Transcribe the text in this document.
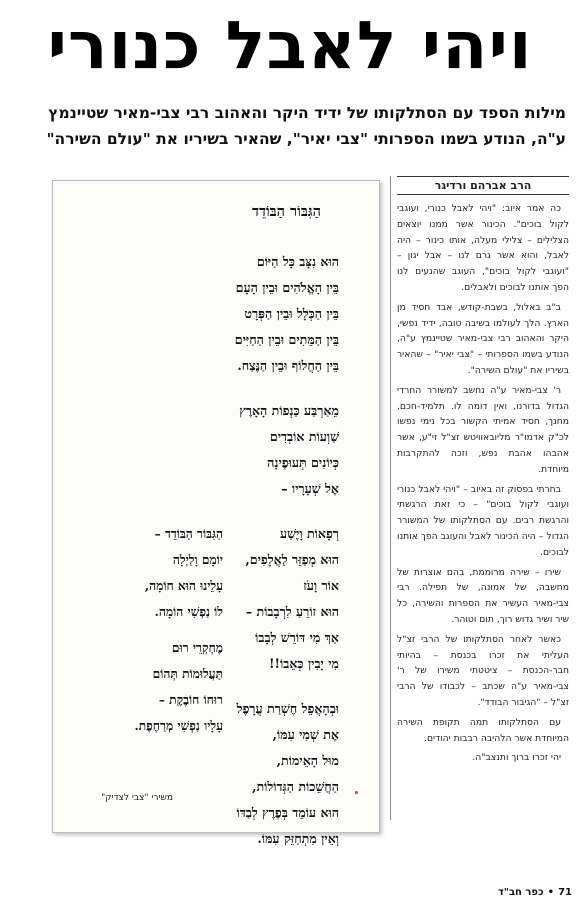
ויהי לאבל כנורי
מילות הספד עם הסתלקותו של ידיד היקר והאהוב רבי צבי-מאיר שטיינמץ
ע"ה, הנודע בשמו הספרותי "צבי יאיר", שהאיר בשיריו את "עולם השירה"
הַגִּבּוֹר הַבּוֹדֵד
הוּא נִצָּב כָּל הַיּוֹם
בֵּין הָאֱלֹהִים וּבֵין הָעָם
בֵּין הַכְּלָל וּבֵין הַפְּרָט
בֵּין הַמֵּתִים וּבֵין הַחַיִּים
בֵּין הַחֲלוֹף וּבֵין הַנֶּצַח.
מֵאַרְבַּע כַּנְפוֹת הָאָרֶץ
שַׁוְעוֹת אוֹבְדִים
כְּיוֹנִים תְּעוּפֶינָה
אֶל שְׁעָרָיו –
רְפָאוֹת וָיֶשַׁע
הוּא מְפַזֵּר לַאֲלָפִים,
אוֹר וָעֹז
הוּא זוֹרֵעַ לִרְבָבוֹת –
אַךְ מִי דּוֹרֵשׁ לְבָבוֹ
מִי יָבִין כְּאֵבוֹ!!
וּבְהָאֲפֵל חֶשְׁרַת עֲרָפֶל
אֶת שְׁמִי עִמּוֹ,
מוּל הָאֵימוֹת,
הַחֲשֵׁכוֹת הַגְּדוֹלוֹת,
הוּא עוֹמֵד בְּפֶרֶץ לְבַדּוֹ
וְאֵין מִתְחַזֵּק עִמּוֹ.
הַגִּבּוֹר הַבּוֹדֵד –
יוֹמָם וָלַיְלָה
עָלֵינוּ הוּא חוֹמָה,
לוֹ נַפְשִׁי הוֹמָה.
מֶחְקְרֵי רוּם
תַּעֲלוּמוֹת תְּהוֹם
רוּחוֹ חוֹבֶקֶת –
עָלָיו נַפְשִׁי מְרַחֶפֶת.
משירי "צבי לצדיק"
הרב אברהם ורדיגר

כה אמר איוב: "ויהי לאבל כנורי, ועוגבי לקול בוכים". הכינור אשר ממנו יוצאים הצלילים – צלילי מעלה, אותו כינור – היה לאבל, והוא אשר גרם לנו – אבל יגון – "ועוגבי לקול בוכים", העוגב שהנעים לנו הפך אותנו לבוכים ולאבלים.

ב"ב באלול, בשבת-קודש, אבד חסיד מן הארץ. הלך לעולמו בשיבה טובה, ידיד נפשי, היקר והאהוב רבי צבי-מאיר שטיינמץ ע"ה, הנודע בשמו הספרותי – "צבי יאיר" – שהאיר בשיריו את "עולם השירה".

ר' צבי-מאיר ע"ה נחשב למשורר החרדי הגדול בדורנו, ואין דומה לו. תלמיד-חכם, מחנך, חסיד אמיתי הקשור בכל נימי נפשו לכ"ק אדמו"ר מליובאוויטש זצ"ל זי"ע, אשר אהבהו אהבת נפש, וזכה להתקרבות מיוחדת.

בחרתי בפסוק זה באיוב – "ויהי לאבל כנורי ועוגבי לקול בוכים" – כי זאת הרגשתי והרגשת רבים. עם הסתלקותו של המשורר הגדול – היה הכינור לאבל והעוגב הפך אותנו לבוכים.

שירו – שירה מרוממת, בהם אוצרות של מחשבה, של אמונה, של תפילה. רבי צבי-מאיר העשיר את הספרות והשירה, כל שיר ושיר גדוש רוך, תום וטוהר.

כאשר לאחר הסתלקותו של הרבי זצ"ל העליתי את זכרו בכנסת – בהיותי חבר-הכנסת – ציטטתי משירו של ר' צבי-מאיר ע"ה שכתב – לכבודו של הרבי זצ"ל – "הגיבור הבודד".

עם הסתלקותו תמה תקופת השירה המיוחדת אשר הלהיבה רבבות יהודים.

יהי זכרו ברוך ותנצב"ה.

71•כפר חב"ד
